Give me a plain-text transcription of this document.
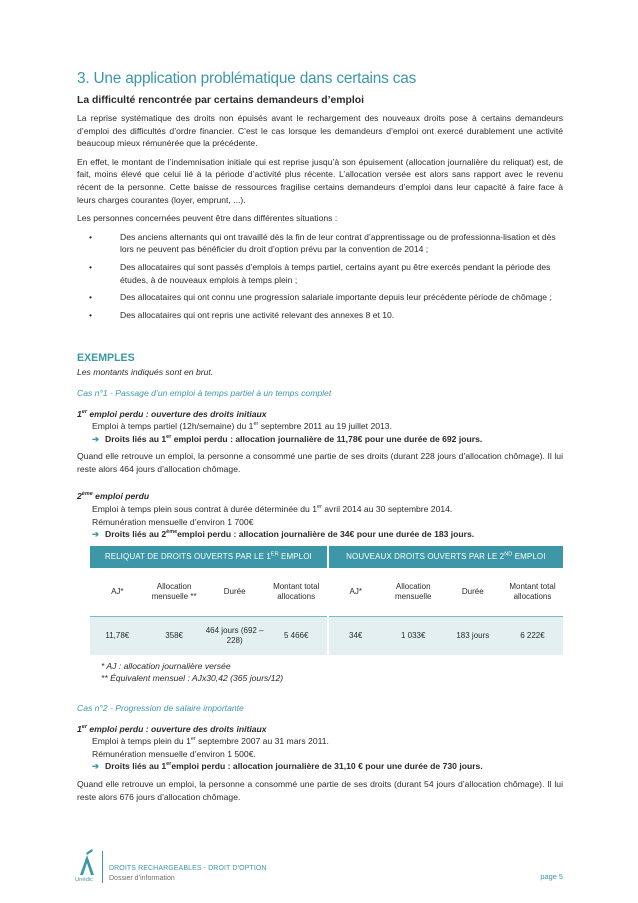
3. Une application problématique dans certains cas
La difficulté rencontrée par certains demandeurs d’emploi

La reprise systématique des droits non épuisés avant le rechargement des nouveaux droits pose à certains demandeurs d’emploi des difficultés d’ordre financier. C’est le cas lorsque les demandeurs d’emploi ont exercé durablement une activité beaucoup mieux rémunérée que la précédente.

En effet, le montant de l’indemnisation initiale qui est reprise jusqu’à son épuisement (allocation journalière du reliquat) est, de fait, moins élevé que celui lié à la période d’activité plus récente. L’allocation versée est alors sans rapport avec le revenu récent de la personne. Cette baisse de ressources fragilise certains demandeurs d’emploi dans leur capacité à faire face à leurs charges courantes (loyer, emprunt, ...).

Les personnes concernées peuvent être dans différentes situations :

•	Des anciens alternants qui ont travaillé dès la fin de leur contrat d’apprentissage ou de professionna-lisation et dès lors ne peuvent pas bénéficier du droit d’option prévu par la convention de 2014 ;
•	Des allocataires qui sont passés d’emplois à temps partiel, certains ayant pu être exercés pendant la période des études, à de nouveaux emplois à temps plein ;
•	Des allocataires qui ont connu une progression salariale importante depuis leur précédente période de chômage ;
•	Des allocataires qui ont repris une activité relevant des annexes 8 et 10.
EXEMPLES
Les montants indiqués sont en brut.
Cas n°1 - Passage d’un emploi à temps partiel à un temps complet

1er emploi perdu : ouverture des droits initiaux

Emploi à temps partiel (12h/semaine) du 1er septembre 2011 au 19 juillet 2013.

➔ Droits liés au 1er emploi perdu : allocation journalière de 11,78€ pour une durée de 692 jours.

Quand elle retrouve un emploi, la personne a consommé une partie de ses droits (durant 228 jours d’allocation chômage). Il lui reste alors 464 jours d’allocation chômage.

2ème emploi perdu

Emploi à temps plein sous contrat à durée déterminée du 1er avril 2014 au 30 septembre 2014.

Rémunération mensuelle d’environ 1 700€

➔ Droits liés au 2èmeemploi perdu : allocation journalière de 34€ pour une durée de 183 jours.
RELIQUAT DE DROITS OUVERTS PAR LE 1ER EMPLOI				NOUVEAUX DROITS OUVERTS PAR LE 2ND EMPLOI			
AJ*	Allocation mensuelle **	Durée	Montant total allocations	AJ*	Allocation mensuelle	Durée	Montant total allocations
11,78€	358€	464 jours (692 – 228)	5 466€	34€	1 033€	183 jours	6 222€

* AJ : allocation journalière versée

** Équivalent mensuel : AJx30,42 (365 jours/12)

Cas n°2 - Progression de salaire importante

1er emploi perdu : ouverture des droits initiaux

Emploi à temps plein du 1er septembre 2007 au 31 mars 2011.

Rémunération mensuelle d’environ 1 500€.

➔ Droits liés au 1eremploi perdu : allocation journalière de 31,10 € pour une durée de 730 jours.

Quand elle retrouve un emploi, la personne a consommé une partie de ses droits (durant 54 jours d’allocation chômage). Il lui reste alors 676 jours d’allocation chômage.

Unédic
DROITS RECHARGEABLES - DROIT D’OPTION
Dossier d’information	page 5
